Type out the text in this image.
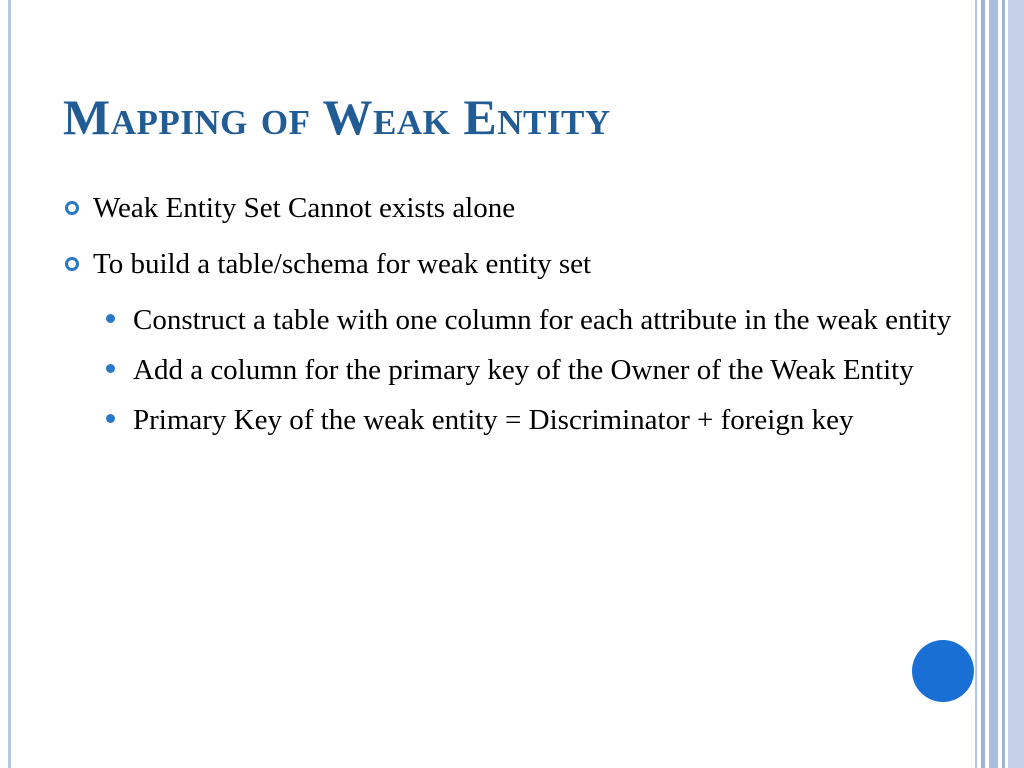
Mapping of Weak Entity
Weak Entity Set Cannot exists alone
To build a table/schema for weak entity set
Construct a table with one column for each attribute in the weak entity
Add a column for the primary key of the Owner of the Weak Entity
Primary Key of the weak entity = Discriminator + foreign key
